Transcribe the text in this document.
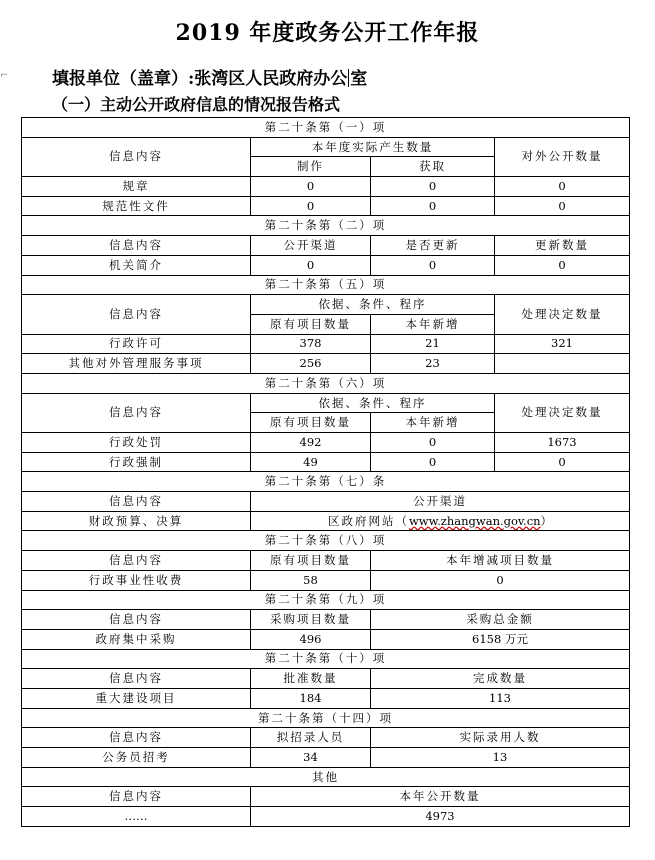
2019 年度政务公开工作年报
⌐	填报单位（盖章）:张湾区人民政府办公 室
（一）主动公开政府信息的情况报告格式
第二十条第（一）项			
信息内容	本年度实际产生数量		对外公开数量
	制作	获取	
规章	0	0	0
规范性文件	0	0	0
第二十条第（二）项			
信息内容	公开渠道	是否更新	更新数量
机关简介	0	0	0
第二十条第（五）项			
信息内容	依据、条件、程序		处理决定数量
	原有项目数量	本年新增	
行政许可	378	21	321
其他对外管理服务事项	256	23	
第二十条第（六）项			
信息内容	依据、条件、程序		处理决定数量
	原有项目数量	本年新增	
行政处罚	492	0	1673
行政强制	49	0	0
第二十条第（七）条			
信息内容	公开渠道		
财政预算、决算	区政府网站（www.zhangwan.gov.cn）		
第二十条第（八）项			
信息内容	原有项目数量	本年增减项目数量	
行政事业性收费	58	0	
第二十条第（九）项			
信息内容	采购项目数量	采购总金额	
政府集中采购	496	6158 万元	
第二十条第（十）项			
信息内容	批准数量	完成数量	
重大建设项目	184	113	
第二十条第（十四）项			
信息内容	拟招录人员	实际录用人数	
公务员招考	34	13	
其他			
信息内容	本年公开数量		
……	4973		
